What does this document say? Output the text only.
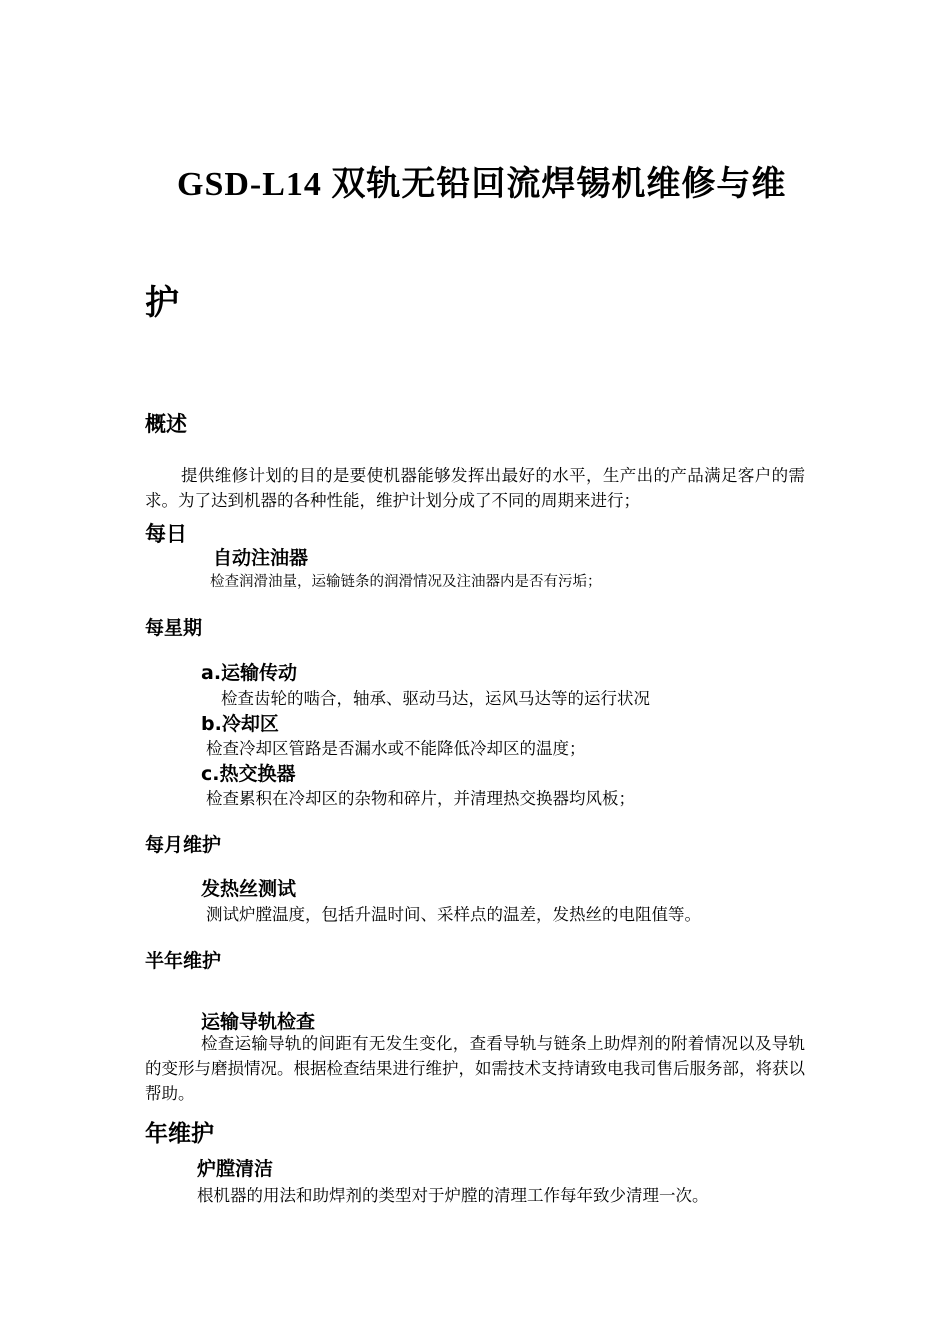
GSD-L14 双轨无铅回流焊锡机维修与维
护
概述
提供维修计划的目的是要使机器能够发挥出最好的水平，生产出的产品满足客户的需求。为了达到机器的各种性能，维护计划分成了不同的周期来进行；
每日
自动注油器
检查润滑油量，运输链条的润滑情况及注油器内是否有污垢；
每星期
a.运输传动
检查齿轮的啮合，轴承、驱动马达，运风马达等的运行状况
b.冷却区
检查冷却区管路是否漏水或不能降低冷却区的温度；
c.热交换器
检查累积在冷却区的杂物和碎片，并清理热交换器均风板；
每月维护
发热丝测试
测试炉膛温度，包括升温时间、采样点的温差，发热丝的电阻值等。
半年维护
运输导轨检查
检查运输导轨的间距有无发生变化，查看导轨与链条上助焊剂的附着情况以及导轨的变形与磨损情况。根据检查结果进行维护，如需技术支持请致电我司售后服务部，将获以帮助。
年维护
炉膛清洁
根机器的用法和助焊剂的类型对于炉膛的清理工作每年致少清理一次。
